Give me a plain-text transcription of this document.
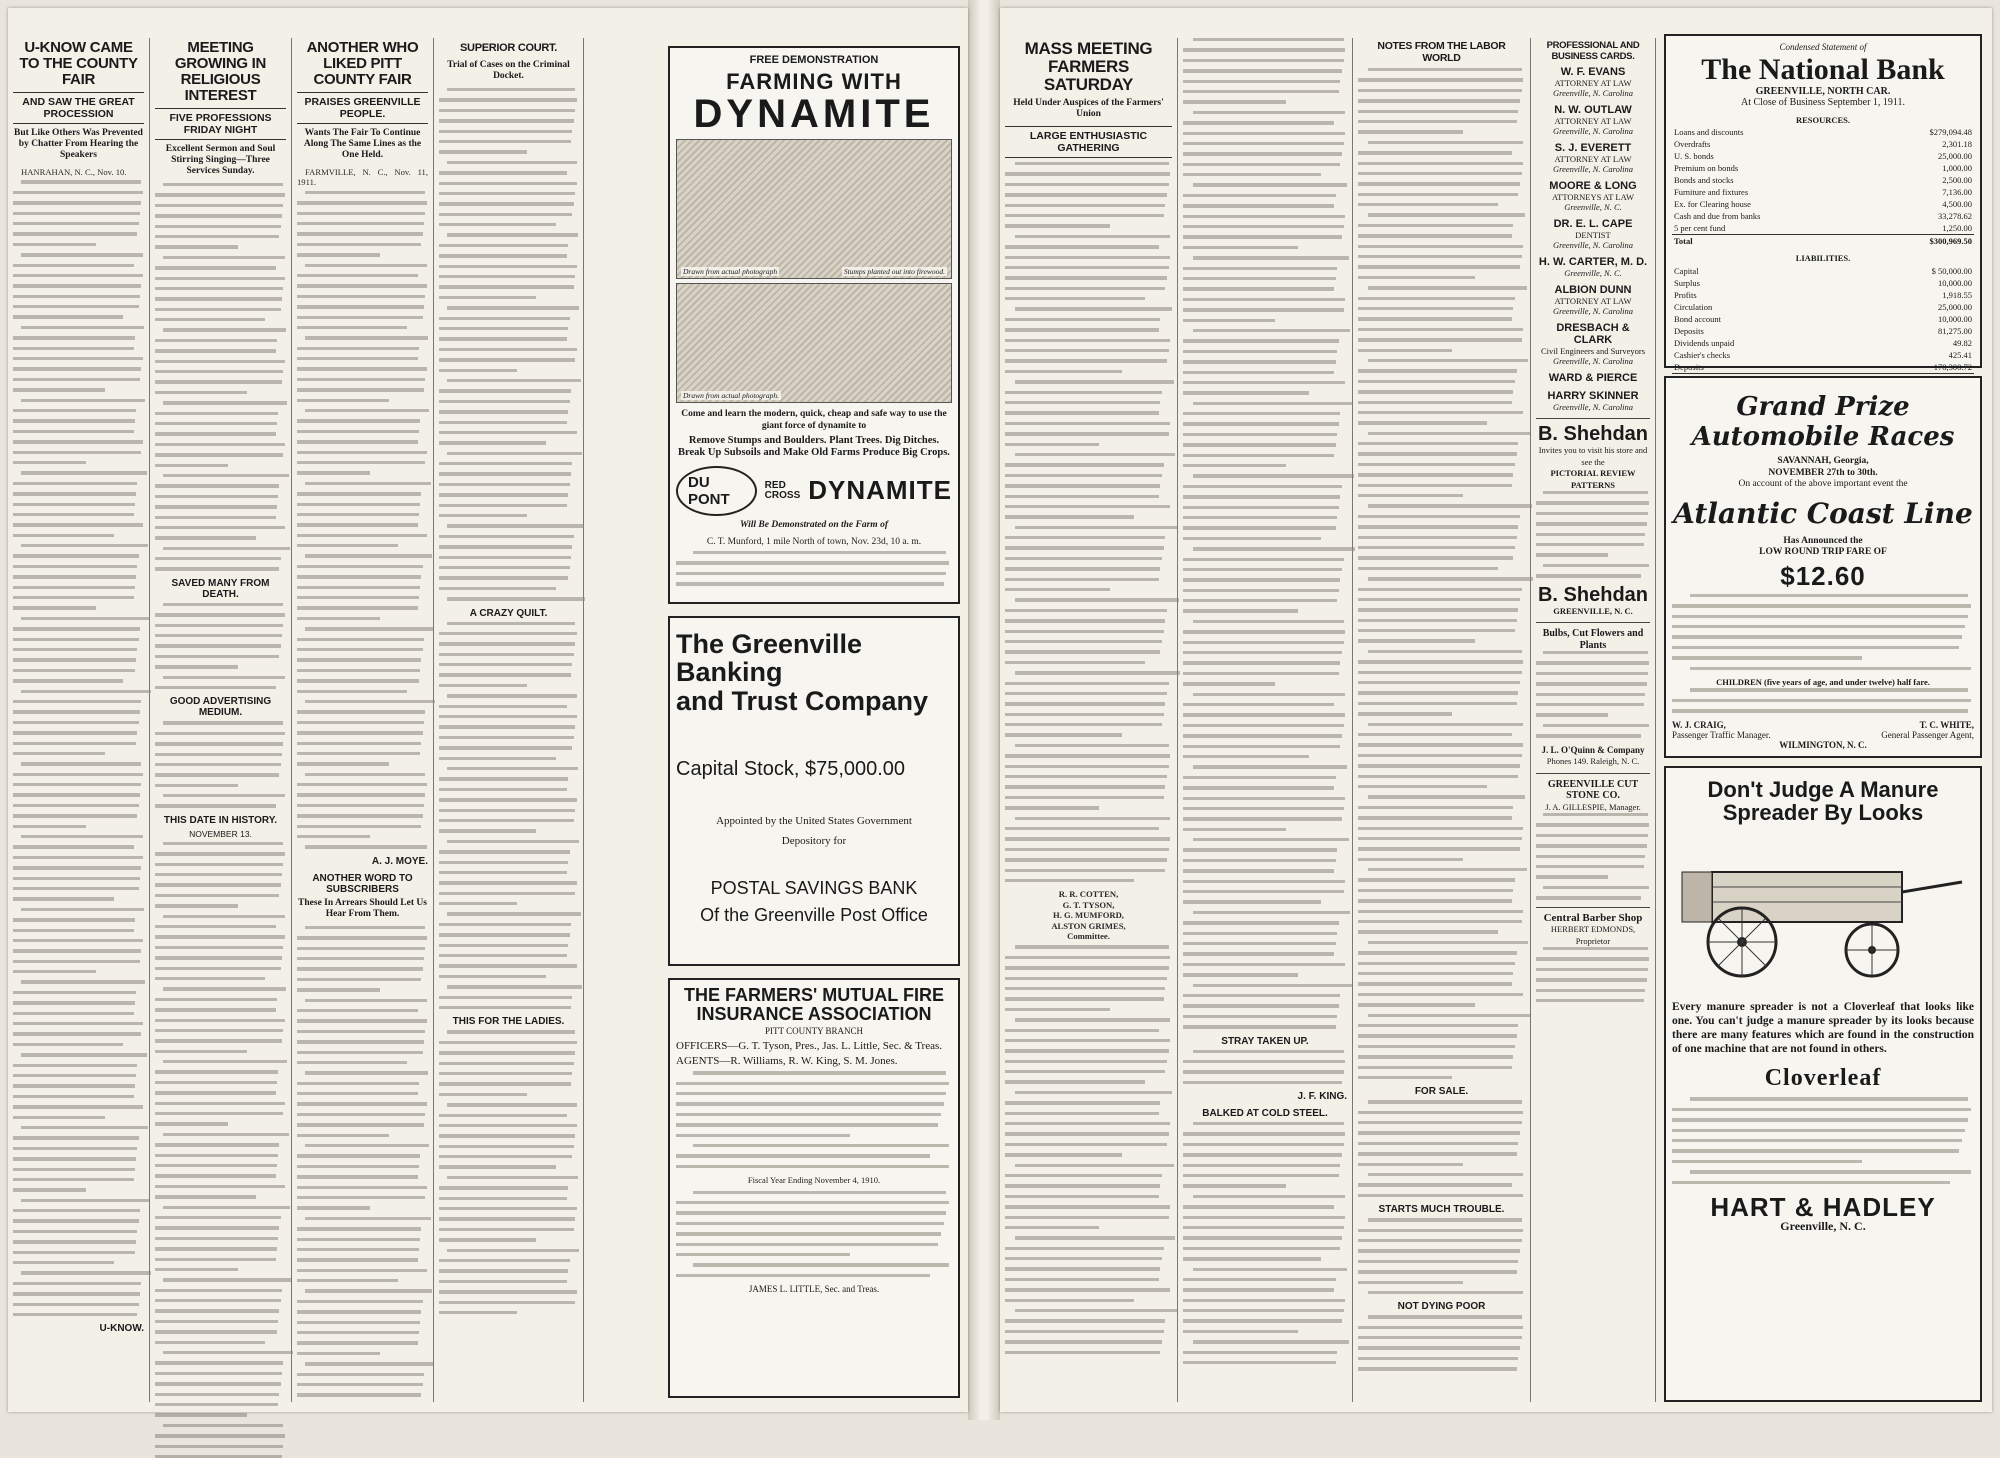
U-KNOW CAME TO THE COUNTY FAIR
AND SAW THE GREAT PROCESSION
But Like Others Was Prevented by Chatter From Hearing the Speakers

HANRAHAN, N. C., Nov. 10.

U-KNOW.
MEETING GROWING IN RELIGIOUS INTEREST
FIVE PROFESSIONS FRIDAY NIGHT
Excellent Sermon and Soul Stirring Singing—Three Services Sunday.
SAVED MANY FROM DEATH.
GOOD ADVERTISING MEDIUM.
THIS DATE IN HISTORY.
NOVEMBER 13.
ANOTHER WHO LIKED PITT COUNTY FAIR
PRAISES GREENVILLE PEOPLE.
Wants The Fair To Continue Along The Same Lines as the One Held.

FARMVILLE, N. C., Nov. 11, 1911.

A. J. MOYE.
ANOTHER WORD TO SUBSCRIBERS
These In Arrears Should Let Us Hear From Them.
SUPERIOR COURT.
Trial of Cases on the Criminal Docket.
A CRAZY QUILT.
THIS FOR THE LADIES.
FREE DEMONSTRATION
FARMING WITH
DYNAMITE
Drawn from actual photograph	Stumps planted out into firewood.
Drawn from actual photograph.
Come and learn the modern, quick, cheap and safe way to use the giant force of dynamite to
Remove Stumps and Boulders. Plant Trees. Dig Ditches. Break Up Subsoils and Make Old Farms Produce Big Crops.
DU PONT
RED CROSS DYNAMITE
Will Be Demonstrated on the Farm of
C. T. Munford, 1 mile North of town, Nov. 23d, 10 a. m.
The Greenville Banking
and Trust Company
Capital Stock, $75,000.00
Appointed by the United States Government
Depository for
POSTAL SAVINGS BANK
Of the Greenville Post Office
THE FARMERS' MUTUAL FIRE
INSURANCE ASSOCIATION
PITT COUNTY BRANCH
OFFICERS—G. T. Tyson, Pres., Jas. L. Little, Sec. & Treas.
AGENTS—R. Williams, R. W. King, S. M. Jones.
Fiscal Year Ending November 4, 1910.
JAMES L. LITTLE, Sec. and Treas.
MASS MEETING FARMERS SATURDAY
Held Under Auspices of the Farmers' Union
LARGE ENTHUSIASTIC GATHERING
R. R. COTTEN,
G. T. TYSON,
H. G. MUMFORD,
ALSTON GRIMES,
Committee.
STRAY TAKEN UP.
J. F. KING.
BALKED AT COLD STEEL.
NOTES FROM THE LABOR WORLD
FOR SALE.
STARTS MUCH TROUBLE.
NOT DYING POOR
PROFESSIONAL AND BUSINESS CARDS.
W. F. EVANS
ATTORNEY AT LAW
Greenville, N. Carolina
N. W. OUTLAW
ATTORNEY AT LAW
Greenville, N. Carolina
S. J. EVERETT
ATTORNEY AT LAW
Greenville, N. Carolina
MOORE & LONG
ATTORNEYS AT LAW
Greenville, N. C.
DR. E. L. CAPE
DENTIST
Greenville, N. Carolina
H. W. CARTER, M. D.
Greenville, N. C.
ALBION DUNN
ATTORNEY AT LAW
Greenville, N. Carolina
DRESBACH & CLARK
Civil Engineers and Surveyors
Greenville, N. Carolina
WARD & PIERCE
HARRY SKINNER
Greenville, N. Carolina
B. Shehdan
Invites you to visit his store and see the
PICTORIAL REVIEW PATTERNS
B. Shehdan
GREENVILLE, N. C.
Bulbs, Cut Flowers and Plants
J. L. O'Quinn & Company
Phones 149. Raleigh, N. C.
GREENVILLE CUT STONE CO.
J. A. GILLESPIE, Manager.
Central Barber Shop
HERBERT EDMONDS, Proprietor
Condensed Statement of
The National Bank
GREENVILLE, NORTH CAR.
At Close of Business September 1, 1911.
RESOURCES.
Loans and discounts	$279,094.48
Overdrafts	2,301.18
U. S. bonds	25,000.00
Premium on bonds	1,000.00
Bonds and stocks	2,500.00
Furniture and fixtures	7,136.00
Ex. for Clearing house	4,500.00
Cash and due from banks	33,278.62
5 per cent fund	1,250.00
Total	$300,969.50
LIABILITIES.
Capital	$ 50,000.00
Surplus	10,000.00
Profits	1,918.55
Circulation	25,000.00
Bond account	10,000.00
Deposits	81,275.00
Dividends unpaid	49.82
Cashier's checks	425.41
Deposits	178,300.72

Grand Prize
Automobile Races
SAVANNAH, Georgia,
NOVEMBER 27th to 30th.
On account of the above important event the
Atlantic Coast Line
Has Announced the
LOW ROUND TRIP FARE OF
$12.60
CHILDREN (five years of age, and under twelve) half fare.
W. J. CRAIG,
Passenger Traffic Manager.
T. C. WHITE,
General Passenger Agent,
WILMINGTON, N. C.
Don't Judge A Manure
Spreader By Looks
Every manure spreader is not a Cloverleaf that looks like one. You can't judge a manure spreader by its looks because there are many features which are found in the construction of one machine that are not found in others.
Cloverleaf
HART & HADLEY
Greenville, N. C.
